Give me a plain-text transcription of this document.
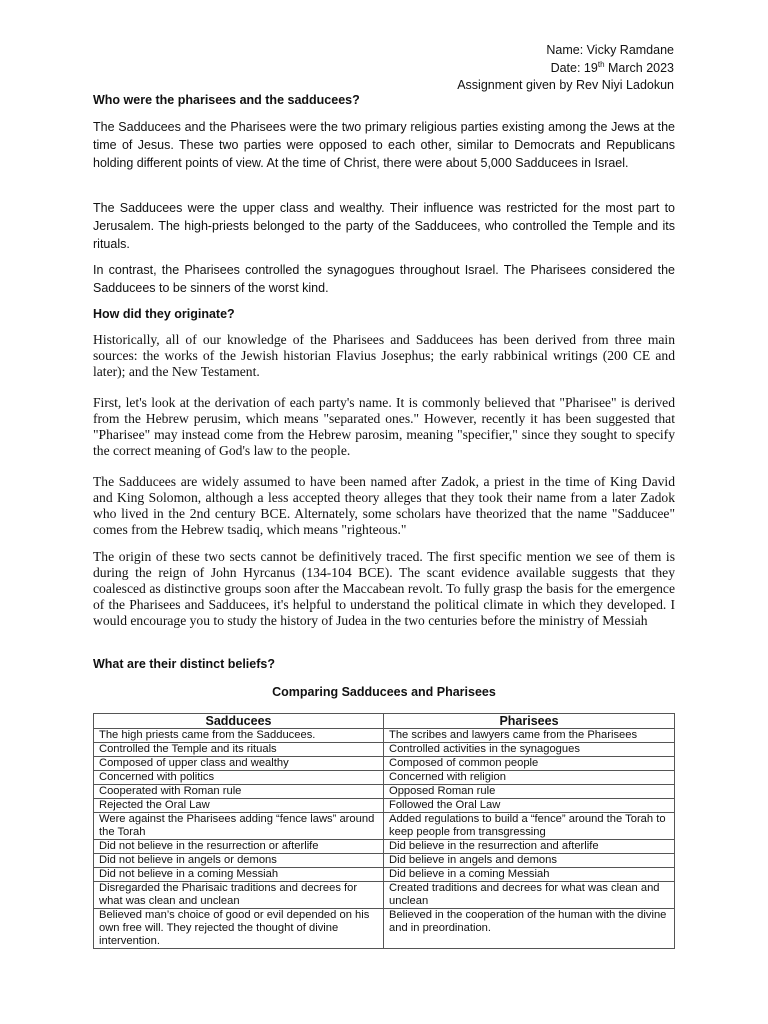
Name: Vicky Ramdane
Date: 19th March 2023
Assignment given by Rev Niyi Ladokun
Who were the pharisees and the sadducees?
The Sadducees and the Pharisees were the two primary religious parties existing among the Jews at the time of Jesus. These two parties were opposed to each other, similar to Democrats and Republicans holding different points of view. At the time of Christ, there were about 5,000 Sadducees in Israel.
The Sadducees were the upper class and wealthy. Their influence was restricted for the most part to Jerusalem. The high-priests belonged to the party of the Sadducees, who controlled the Temple and its rituals.
In contrast, the Pharisees controlled the synagogues throughout Israel. The Pharisees considered the Sadducees to be sinners of the worst kind.
How did they originate?
Historically, all of our knowledge of the Pharisees and Sadducees has been derived from three main sources: the works of the Jewish historian Flavius Josephus; the early rabbinical writings (200 CE and later); and the New Testament.
First, let's look at the derivation of each party's name. It is commonly believed that "Pharisee" is derived from the Hebrew perusim, which means "separated ones." However, recently it has been suggested that "Pharisee" may instead come from the Hebrew parosim, meaning "specifier," since they sought to specify the correct meaning of God's law to the people.
The Sadducees are widely assumed to have been named after Zadok, a priest in the time of King David and King Solomon, although a less accepted theory alleges that they took their name from a later Zadok who lived in the 2nd century BCE. Alternately, some scholars have theorized that the name "Sadducee" comes from the Hebrew tsadiq, which means "righteous."
The origin of these two sects cannot be definitively traced. The first specific mention we see of them is during the reign of John Hyrcanus (134-104 BCE). The scant evidence available suggests that they coalesced as distinctive groups soon after the Maccabean revolt. To fully grasp the basis for the emergence of the Pharisees and Sadducees, it's helpful to understand the political climate in which they developed. I would encourage you to study the history of Judea in the two centuries before the ministry of Messiah
What are their distinct beliefs?
Comparing Sadducees and Pharisees
Sadducees	Pharisees
The high priests came from the Sadducees.	The scribes and lawyers came from the Pharisees
Controlled the Temple and its rituals	Controlled activities in the synagogues
Composed of upper class and wealthy	Composed of common people
Concerned with politics	Concerned with religion
Cooperated with Roman rule	Opposed Roman rule
Rejected the Oral Law	Followed the Oral Law
Were against the Pharisees adding “fence laws” around the Torah	Added regulations to build a “fence” around the Torah to keep people from transgressing
Did not believe in the resurrection or afterlife	Did believe in the resurrection and afterlife
Did not believe in angels or demons	Did believe in angels and demons
Did not believe in a coming Messiah	Did believe in a coming Messiah
Disregarded the Pharisaic traditions and decrees for what was clean and unclean	Created traditions and decrees for what was clean and unclean
Believed man’s choice of good or evil depended on his own free will. They rejected the thought of divine intervention.	Believed in the cooperation of the human with the divine and in preordination.
